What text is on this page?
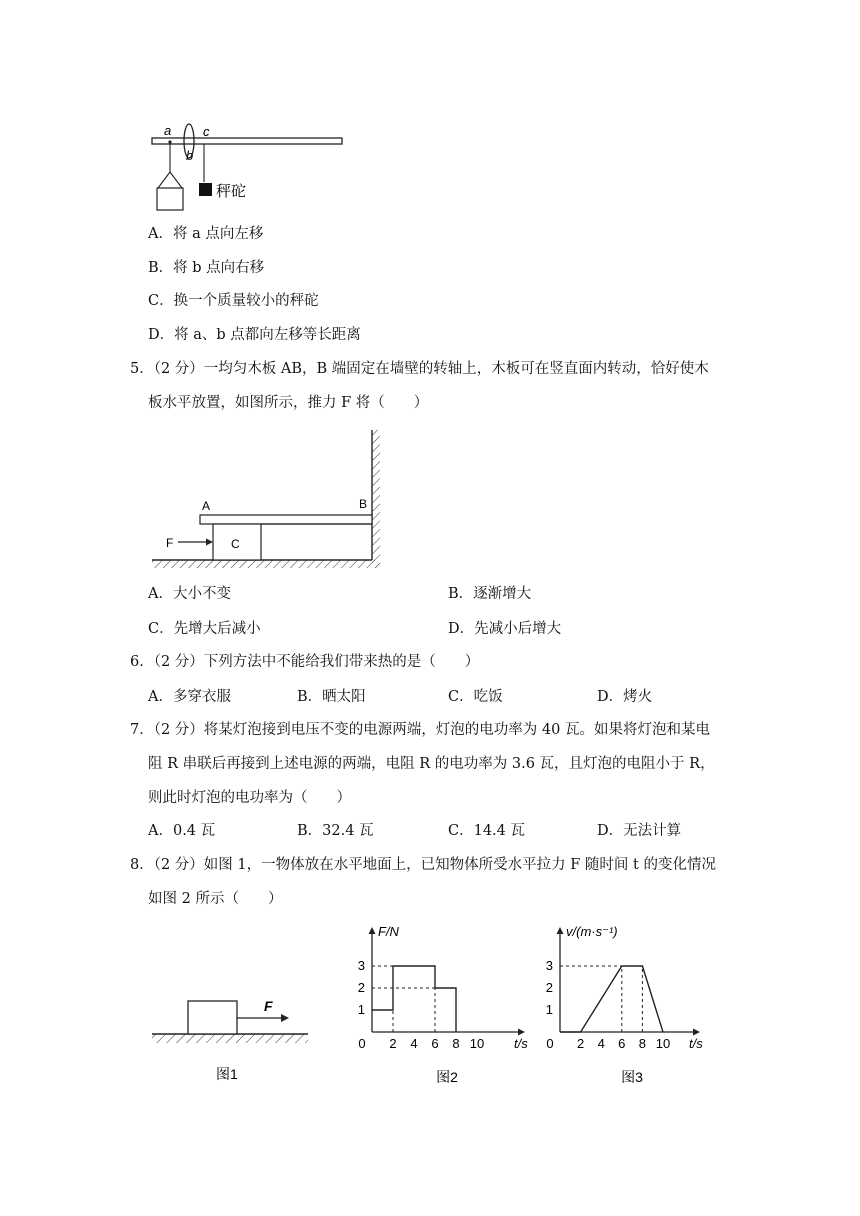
a
b
c
秤砣
A．将 a 点向左移
B．将 b 点向右移
C．换一个质量较小的秤砣
D．将 a、b 点都向左移等长距离
5．（2 分）一均匀木板 AB，B 端固定在墙壁的转轴上，木板可在竖直面内转动，恰好使木
板水平放置，如图所示，推力 F 将（　　）
A	B
C
F
A．大小不变	B．逐渐增大
C．先增大后减小	D．先减小后增大
6．（2 分）下列方法中不能给我们带来热的是（　　）
A．多穿衣服	B．晒太阳	C．吃饭	D．烤火
7．（2 分）将某灯泡接到电压不变的电源两端，灯泡的电功率为 40 瓦。如果将灯泡和某电
阻 R 串联后再接到上述电源的两端，电阻 R 的电功率为 3.6 瓦，且灯泡的电阻小于 R，
则此时灯泡的电功率为（　　）
A．0.4 瓦	B．32.4 瓦	C．14.4 瓦	D．无法计算
8．（2 分）如图 1，一物体放在水平地面上，已知物体所受水平拉力 F 随时间 t 的变化情况
如图 2 所示（　　）
F
图1
0 2 4 6 8 10
1
2
3
F/N
t/s
图2
0 2 4 6 8 10
1
2
3
v/(m·s⁻¹)
t/s
图3
